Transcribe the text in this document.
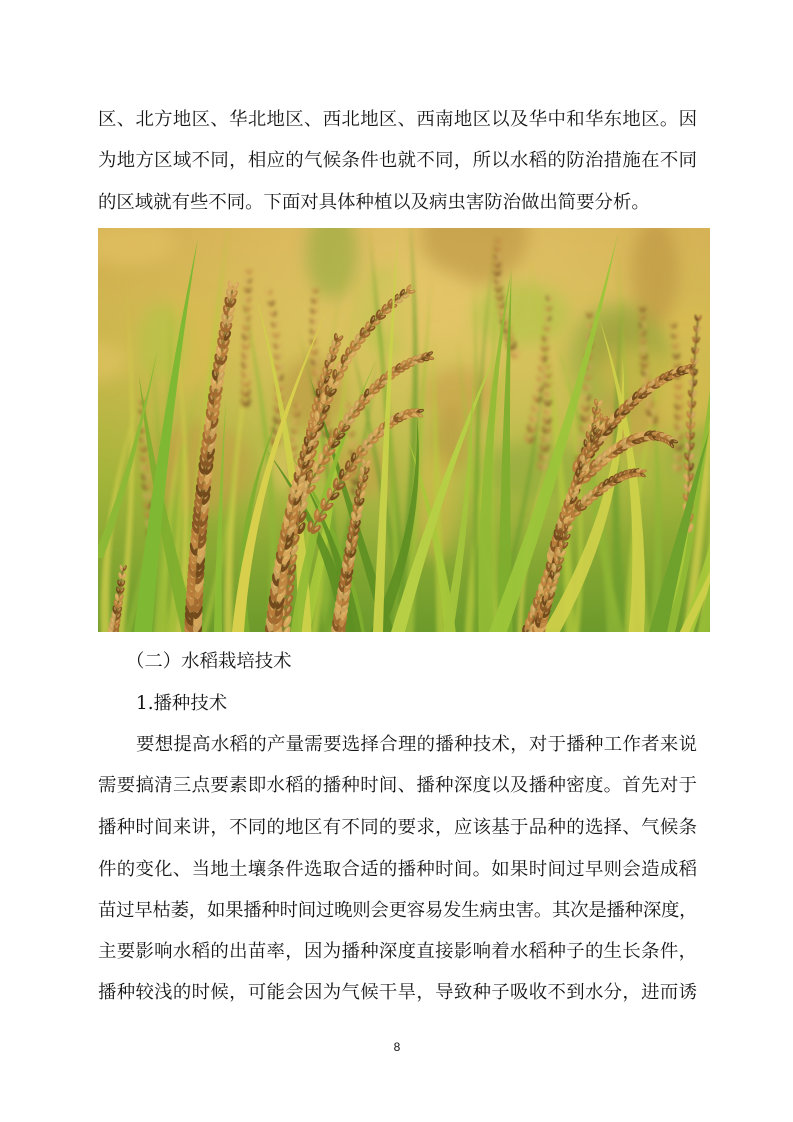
区、北方地区、华北地区、西北地区、西南地区以及华中和华东地区。因
为地方区域不同，相应的气候条件也就不同，所以水稻的防治措施在不同
的区域就有些不同。下面对具体种植以及病虫害防治做出简要分析。
（二）水稻栽培技术
1.播种技术
要想提高水稻的产量需要选择合理的播种技术，对于播种工作者来说
需要搞清三点要素即水稻的播种时间、播种深度以及播种密度。首先对于
播种时间来讲，不同的地区有不同的要求，应该基于品种的选择、气候条
件的变化、当地土壤条件选取合适的播种时间。如果时间过早则会造成稻
苗过早枯萎，如果播种时间过晚则会更容易发生病虫害。其次是播种深度，
主要影响水稻的出苗率，因为播种深度直接影响着水稻种子的生长条件，
播种较浅的时候，可能会因为气候干旱，导致种子吸收不到水分，进而诱
8
